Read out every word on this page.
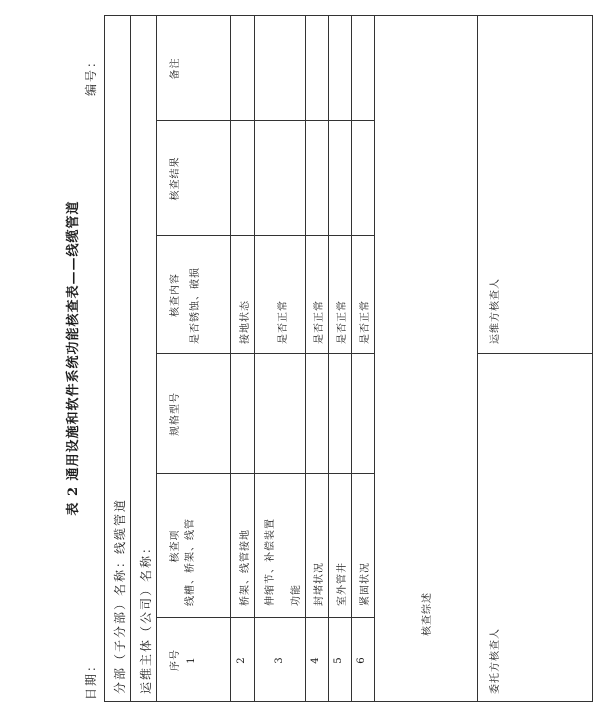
表 2 通用设施和软件系统功能核查表——线缆管道
日期：
编号：
分部（子分部）名称：线缆管道 运维主体（公司）名称：	序号
核查项
规格型号
核查内容
核查结果
备注
1
线槽、桥架、线管
是否锈蚀、破损
2
桥架、线管接地
接地状态
3
伸缩节、补偿装置功能
是否正常
4
封堵状况
是否正常
5
室外管井
是否正常
6
紧固状况
是否正常
核查综述
委托方核查人
运维方核查人
